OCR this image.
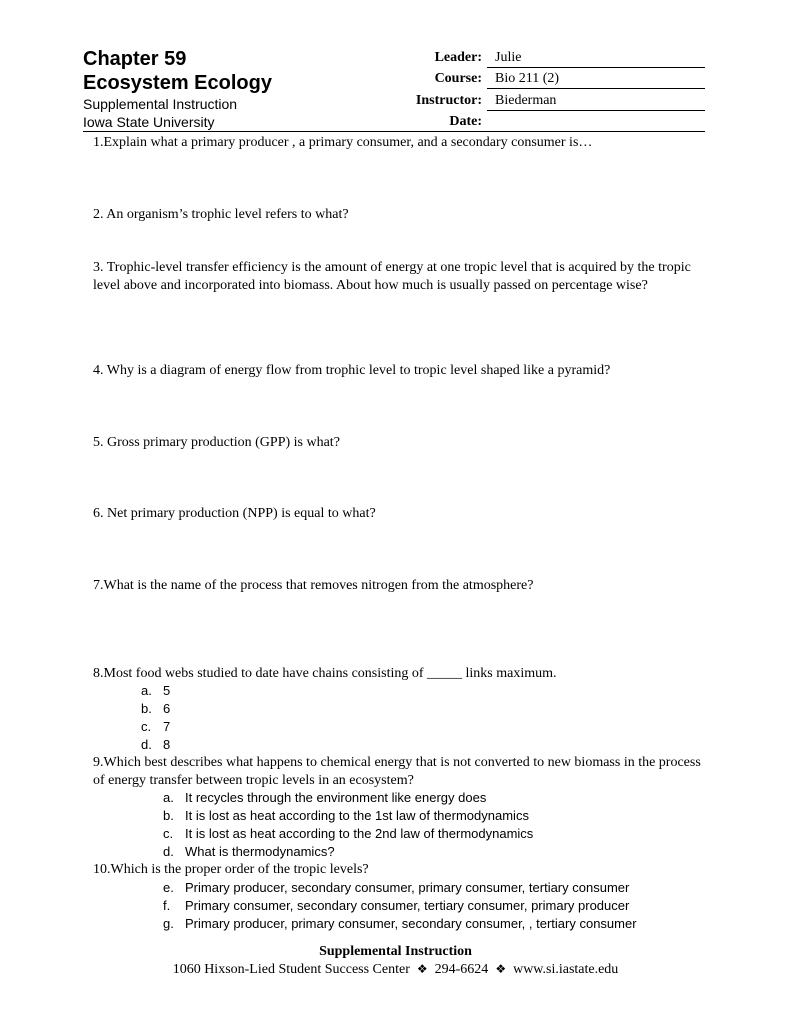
Chapter 59
Ecosystem Ecology
Supplemental Instruction
Iowa State University
Leader: Julie
Course: Bio 211 (2)
Instructor: Biederman
Date:

1.Explain what a primary producer , a primary consumer, and a secondary consumer is…

2. An organism’s trophic level refers to what?

3. Trophic-level transfer efficiency is the amount of energy at one tropic level that is acquired by the tropic level above and incorporated into biomass. About how much is usually passed on percentage wise?

4. Why is a diagram of energy flow from trophic level to tropic level shaped like a pyramid?

5. Gross primary production (GPP) is what?

6. Net primary production (NPP) is equal to what?

7.What is the name of the process that removes nitrogen from the atmosphere?

8.Most food webs studied to date have chains consisting of _____ links maximum.

a. 5
b. 6
c. 7
d. 8

9.Which best describes what happens to chemical energy that is not converted to new biomass in the process of energy transfer between tropic levels in an ecosystem?

a. It recycles through the environment like energy does
b. It is lost as heat according to the 1st law of thermodynamics
c. It is lost as heat according to the 2nd law of thermodynamics
d. What is thermodynamics?

10.Which is the proper order of the tropic levels?

e. Primary producer, secondary consumer, primary consumer, tertiary consumer
f. Primary consumer, secondary consumer, tertiary consumer, primary producer
g. Primary producer, primary consumer, secondary consumer, , tertiary consumer
Supplemental Instruction
1060 Hixson-Lied Student Success Center ❖ 294-6624 ❖ www.si.iastate.edu
